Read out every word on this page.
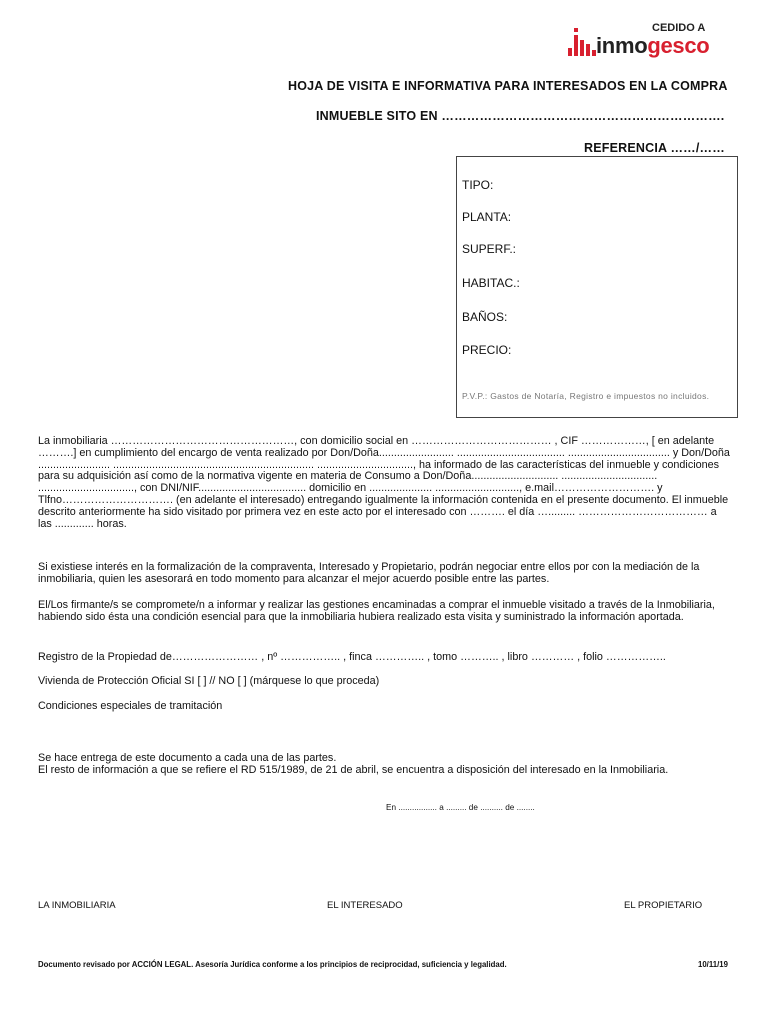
CEDIDO A
inmogesco
HOJA DE VISITA E INFORMATIVA PARA INTERESADOS EN LA COMPRA
INMUEBLE SITO EN ………………………………………………………….
REFERENCIA ……/……
TIPO:
PLANTA:
SUPERF.:
HABITAC.:
BAÑOS:
PRECIO:
P.V.P.: Gastos de Notaría, Registro e impuestos no incluidos.
La inmobiliaria ……………………………………………, con domicilio social en ………………………………… , CIF ………………, [ en adelante ……….] en cumplimiento del encargo de venta realizado por Don/Doña......................... .................................... .................................. y Don/Doña ........................ ................................................................... ................................, ha informado de las características del inmueble y condiciones para su adquisición así como de la normativa vigente en materia de Consumo a Don/Doña............................. ................................ ................................, con DNI/NIF.................................... domicilio en ..................... ............................, e.mail………………………. y Tlfno…………………………. (en adelante el interesado) entregando igualmente la información contenida en el presente documento. El inmueble descrito anteriormente ha sido visitado por primera vez en este acto por el interesado con ………. el día …......... ……………………………… a las ............. horas.
Si existiese interés en la formalización de la compraventa, Interesado y Propietario, podrán negociar entre ellos por con la mediación de la inmobiliaria, quien les asesorará en todo momento para alcanzar el mejor acuerdo posible entre las partes.
El/Los firmante/s se compromete/n a informar y realizar las gestiones encaminadas a comprar el inmueble visitado a través de la Inmobiliaria, habiendo sido ésta una condición esencial para que la inmobiliaria hubiera realizado esta visita y suministrado la información aportada.
Registro de la Propiedad de…………………… , nº …………….. , finca ………….. , tomo ……….. , libro ………… , folio ……………..
Vivienda de Protección Oficial SI [ ] // NO [ ] (márquese lo que proceda)
Condiciones especiales de tramitación
Se hace entrega de este documento a cada una de las partes.
El resto de información a que se refiere el RD 515/1989, de 21 de abril, se encuentra a disposición del interesado en la Inmobiliaria.
En ................. a ......... de .......... de ........
LA INMOBILIARIA	EL INTERESADO	EL PROPIETARIO
Documento revisado por ACCIÓN LEGAL. Asesoría Jurídica conforme a los principios de reciprocidad, suficiencia y legalidad.	10/11/19
